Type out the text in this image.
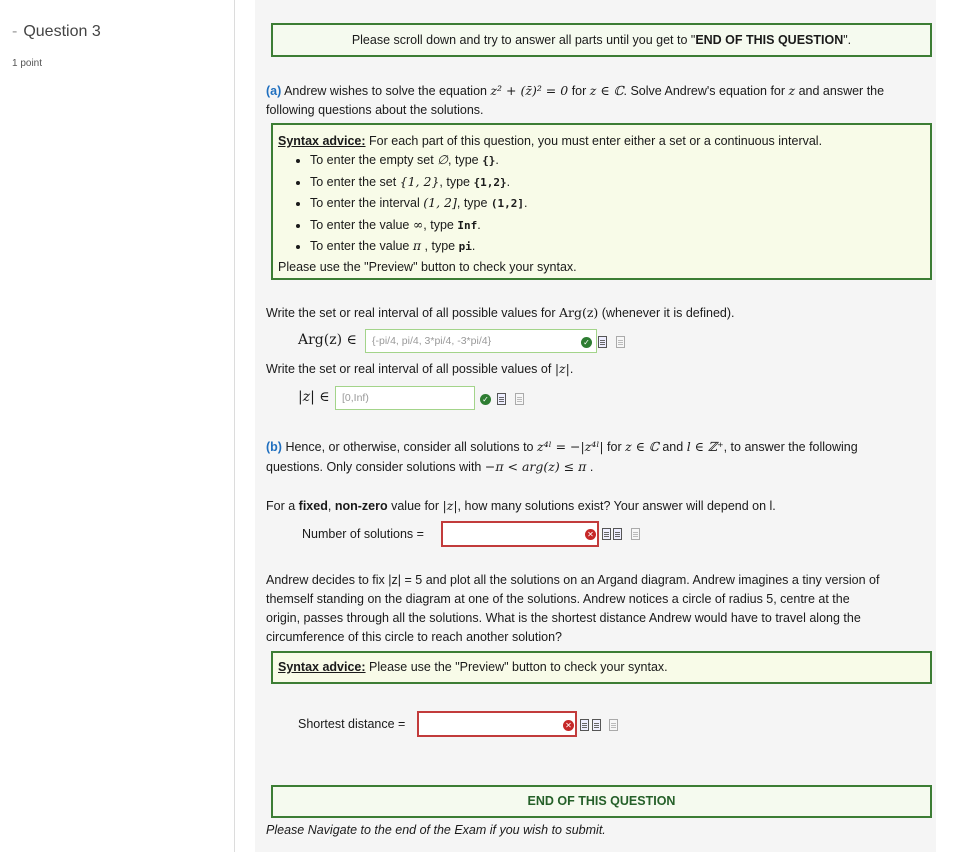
- Question 3
1 point
Please scroll down and try to answer all parts until you get to "END OF THIS QUESTION".
(a) Andrew wishes to solve the equation z² + (z̄)² = 0 for z ∈ ℂ. Solve Andrew's equation for z and answer the
following questions about the solutions.
Syntax advice: For each part of this question, you must enter either a set or a continuous interval.
• To enter the empty set ∅, type {}.
• To enter the set {1, 2}, type {1,2}.
• To enter the interval (1, 2], type (1,2].
• To enter the value ∞, type Inf.
• To enter the value π , type pi.
Please use the "Preview" button to check your syntax.
Write the set or real interval of all possible values for Arg(z) (whenever it is defined).
Arg(z) ∈	{-pi/4, pi/4, 3*pi/4, -3*pi/4}	✓
Write the set or real interval of all possible values of |z|.
|z| ∈	[0,Inf)	✓
(b) Hence, or otherwise, consider all solutions to z⁴ˡ = −|z⁴ˡ| for z ∈ ℂ and l ∈ ℤ⁺, to answer the following
questions. Only consider solutions with −π < arg(z) ≤ π .
For a fixed, non-zero value for |z|, how many solutions exist? Your answer will depend on l.
Number of solutions =	✕
Andrew decides to fix |z| = 5 and plot all the solutions on an Argand diagram. Andrew imagines a tiny version of
themself standing on the diagram at one of the solutions. Andrew notices a circle of radius 5, centre at the
origin, passes through all the solutions. What is the shortest distance Andrew would have to travel along the
circumference of this circle to reach another solution?
Syntax advice: Please use the "Preview" button to check your syntax.
Shortest distance =	✕
END OF THIS QUESTION
Please Navigate to the end of the Exam if you wish to submit.
